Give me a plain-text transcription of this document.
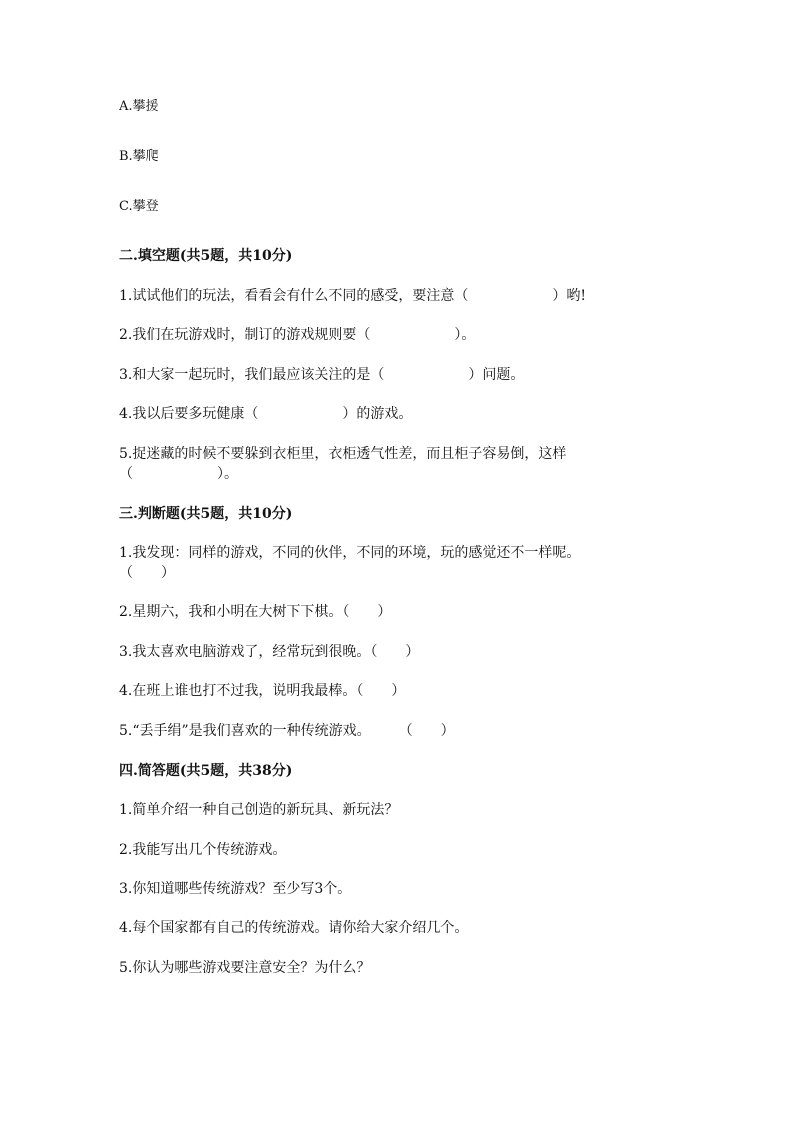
A.攀援
B.攀爬
C.攀登
二.填空题(共5题，共10分)
1.试试他们的玩法，看看会有什么不同的感受，要注意（　　　　　　）哟!
2.我们在玩游戏时，制订的游戏规则要（　　　　　　）。
3.和大家一起玩时，我们最应该关注的是（　　　　　　）问题。
4.我以后要多玩健康（　　　　　　）的游戏。
5.捉迷藏的时候不要躲到衣柜里，衣柜透气性差，而且柜子容易倒，这样
（　　　　　　）。
三.判断题(共5题，共10分)
1.我发现：同样的游戏，不同的伙伴，不同的环境，玩的感觉还不一样呢。
（　　）
2.星期六，我和小明在大树下下棋。（　　）
3.我太喜欢电脑游戏了，经常玩到很晚。（　　）
4.在班上谁也打不过我，说明我最棒。（　　）
5.“丢手绢”是我们喜欢的一种传统游戏。　　　（　　）
四.简答题(共5题，共38分)
1.简单介绍一种自己创造的新玩具、新玩法？
2.我能写出几个传统游戏。
3.你知道哪些传统游戏？至少写3个。
4.每个国家都有自己的传统游戏。请你给大家介绍几个。
5.你认为哪些游戏要注意安全？为什么？
